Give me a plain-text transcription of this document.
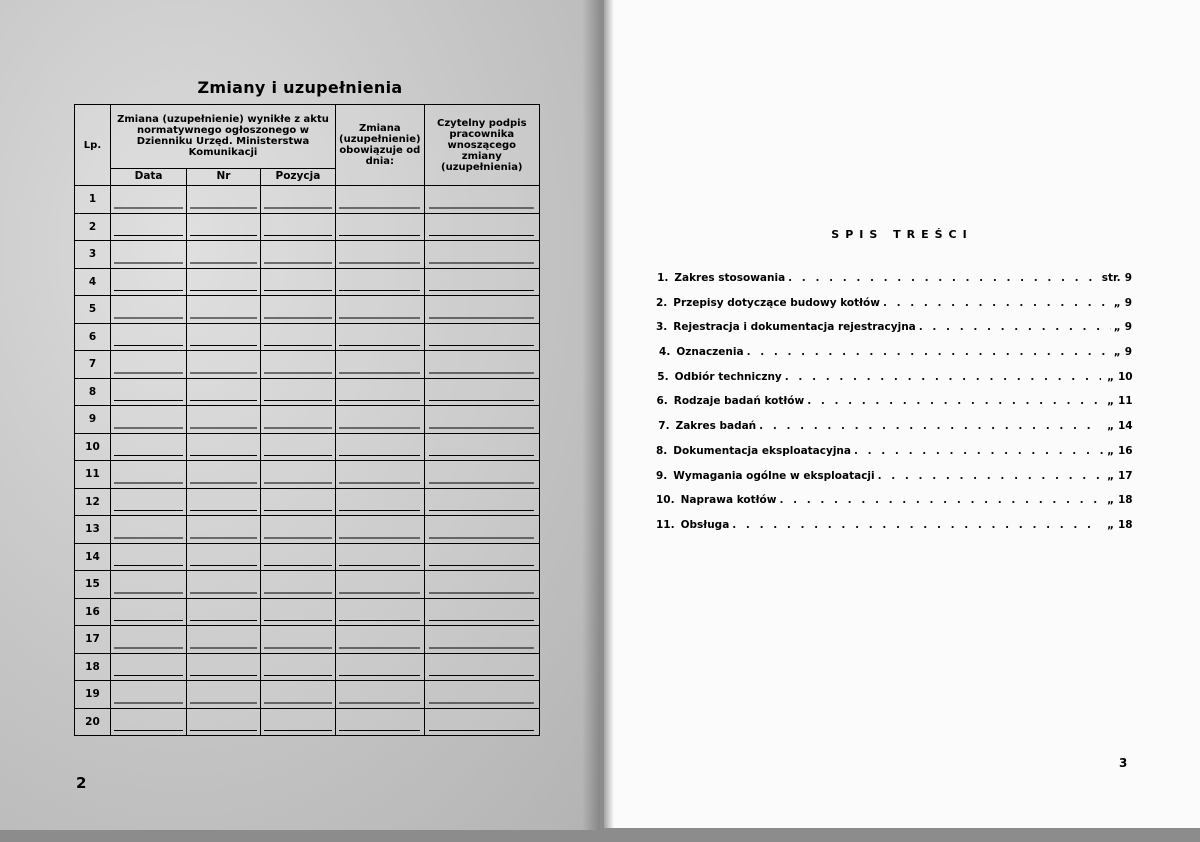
Zmiany i uzupełnienia
Lp.	Zmiana (uzupełnienie) wynikłe z aktu normatywnego ogłoszonego w Dzienniku Urzęd. Ministerstwa Komunikacji			Zmiana (uzupełnienie) obowiązuje od dnia:	Czytelny podpis pracownika wnoszącego zmiany (uzupełnienia)
	Data	Nr	Pozycja		
1					
2					
3					
4					
5					
6					
7					
8					
9					
10					
11					
12					
13					
14					
15					
16					
17					
18					
19					
20					
2
SPIS TREŚCI
1. Zakres stosowania . . .	str. 9
2. Przepisy dotyczące budowy kotłów . . .	„ 9
3. Rejestracja i dokumentacja rejestracyjna . . .	„ 9
4. Oznaczenia . . .	„ 9
5. Odbiór techniczny . . .	„ 10
6. Rodzaje badań kotłów . . .	„ 11
7. Zakres badań . . .	„ 14
8. Dokumentacja eksploatacyjna . . .	„ 16
9. Wymagania ogólne w eksploatacji . . .	„ 17
10. Naprawa kotłów . . .	„ 18
11. Obsługa . . .	„ 18
3
